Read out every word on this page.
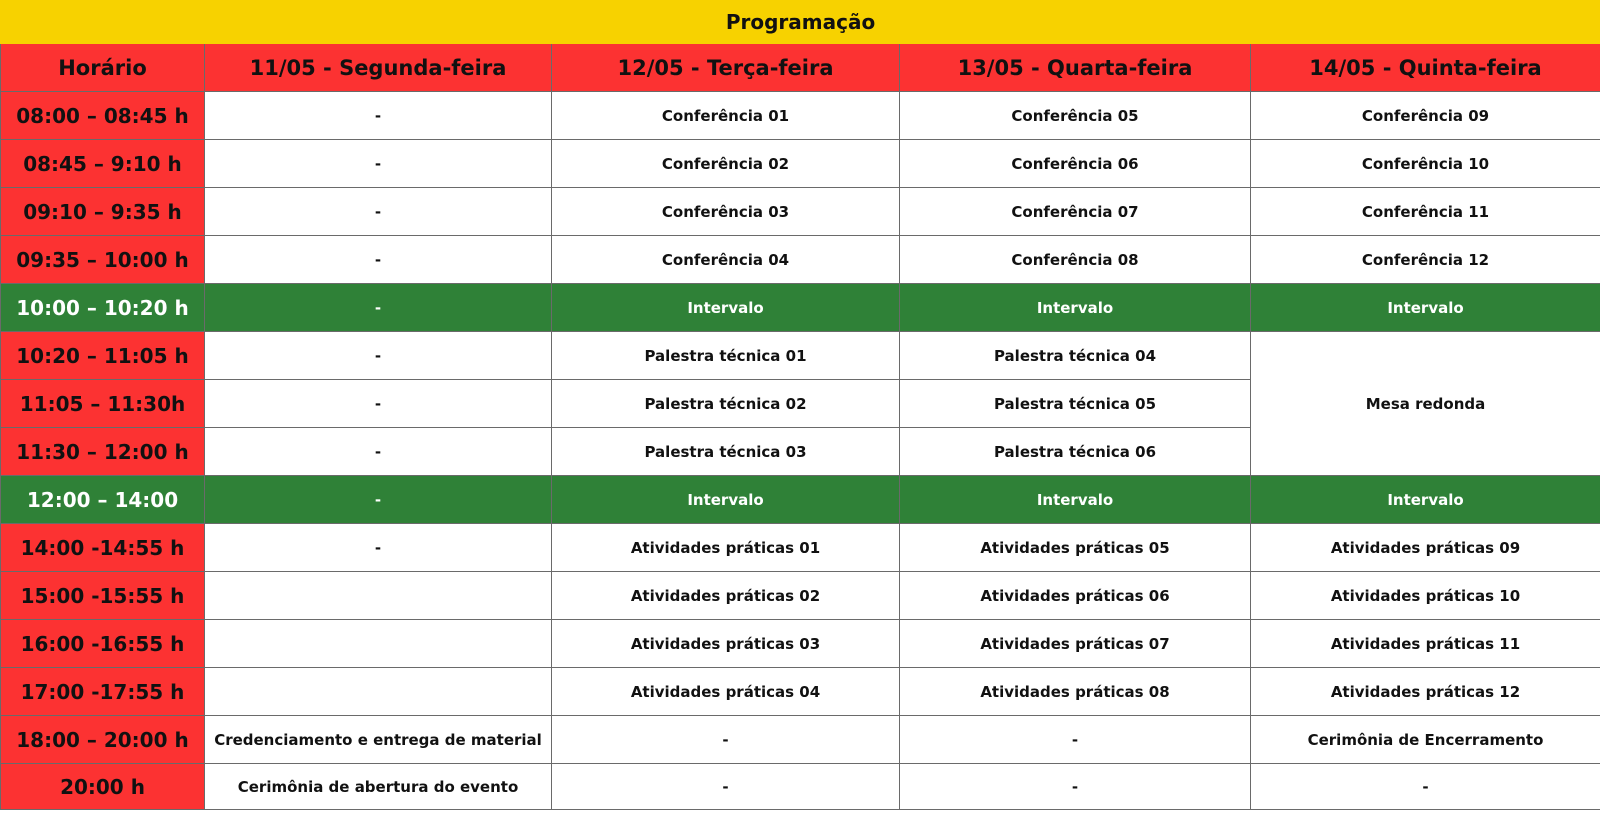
Programação				
Horário	11/05 - Segunda-feira	12/05 - Terça-feira	13/05 - Quarta-feira	14/05 - Quinta-feira
08:00 – 08:45 h	-	Conferência 01	Conferência 05	Conferência 09
08:45 – 9:10 h	-	Conferência 02	Conferência 06	Conferência 10
09:10 – 9:35 h	-	Conferência 03	Conferência 07	Conferência 11
09:35 – 10:00 h	-	Conferência 04	Conferência 08	Conferência 12
10:00 – 10:20 h	-	Intervalo	Intervalo	Intervalo
10:20 – 11:05 h	-	Palestra técnica 01	Palestra técnica 04	Mesa redonda
11:05 – 11:30h	-	Palestra técnica 02	Palestra técnica 05	
11:30 – 12:00 h	-	Palestra técnica 03	Palestra técnica 06	
12:00 – 14:00	-	Intervalo	Intervalo	Intervalo
14:00 -14:55 h	-	Atividades práticas 01	Atividades práticas 05	Atividades práticas 09
15:00 -15:55 h		Atividades práticas 02	Atividades práticas 06	Atividades práticas 10
16:00 -16:55 h		Atividades práticas 03	Atividades práticas 07	Atividades práticas 11
17:00 -17:55 h		Atividades práticas 04	Atividades práticas 08	Atividades práticas 12
18:00 – 20:00 h	Credenciamento e entrega de material	-	-	Cerimônia de Encerramento
20:00 h	Cerimônia de abertura do evento	-	-	-
